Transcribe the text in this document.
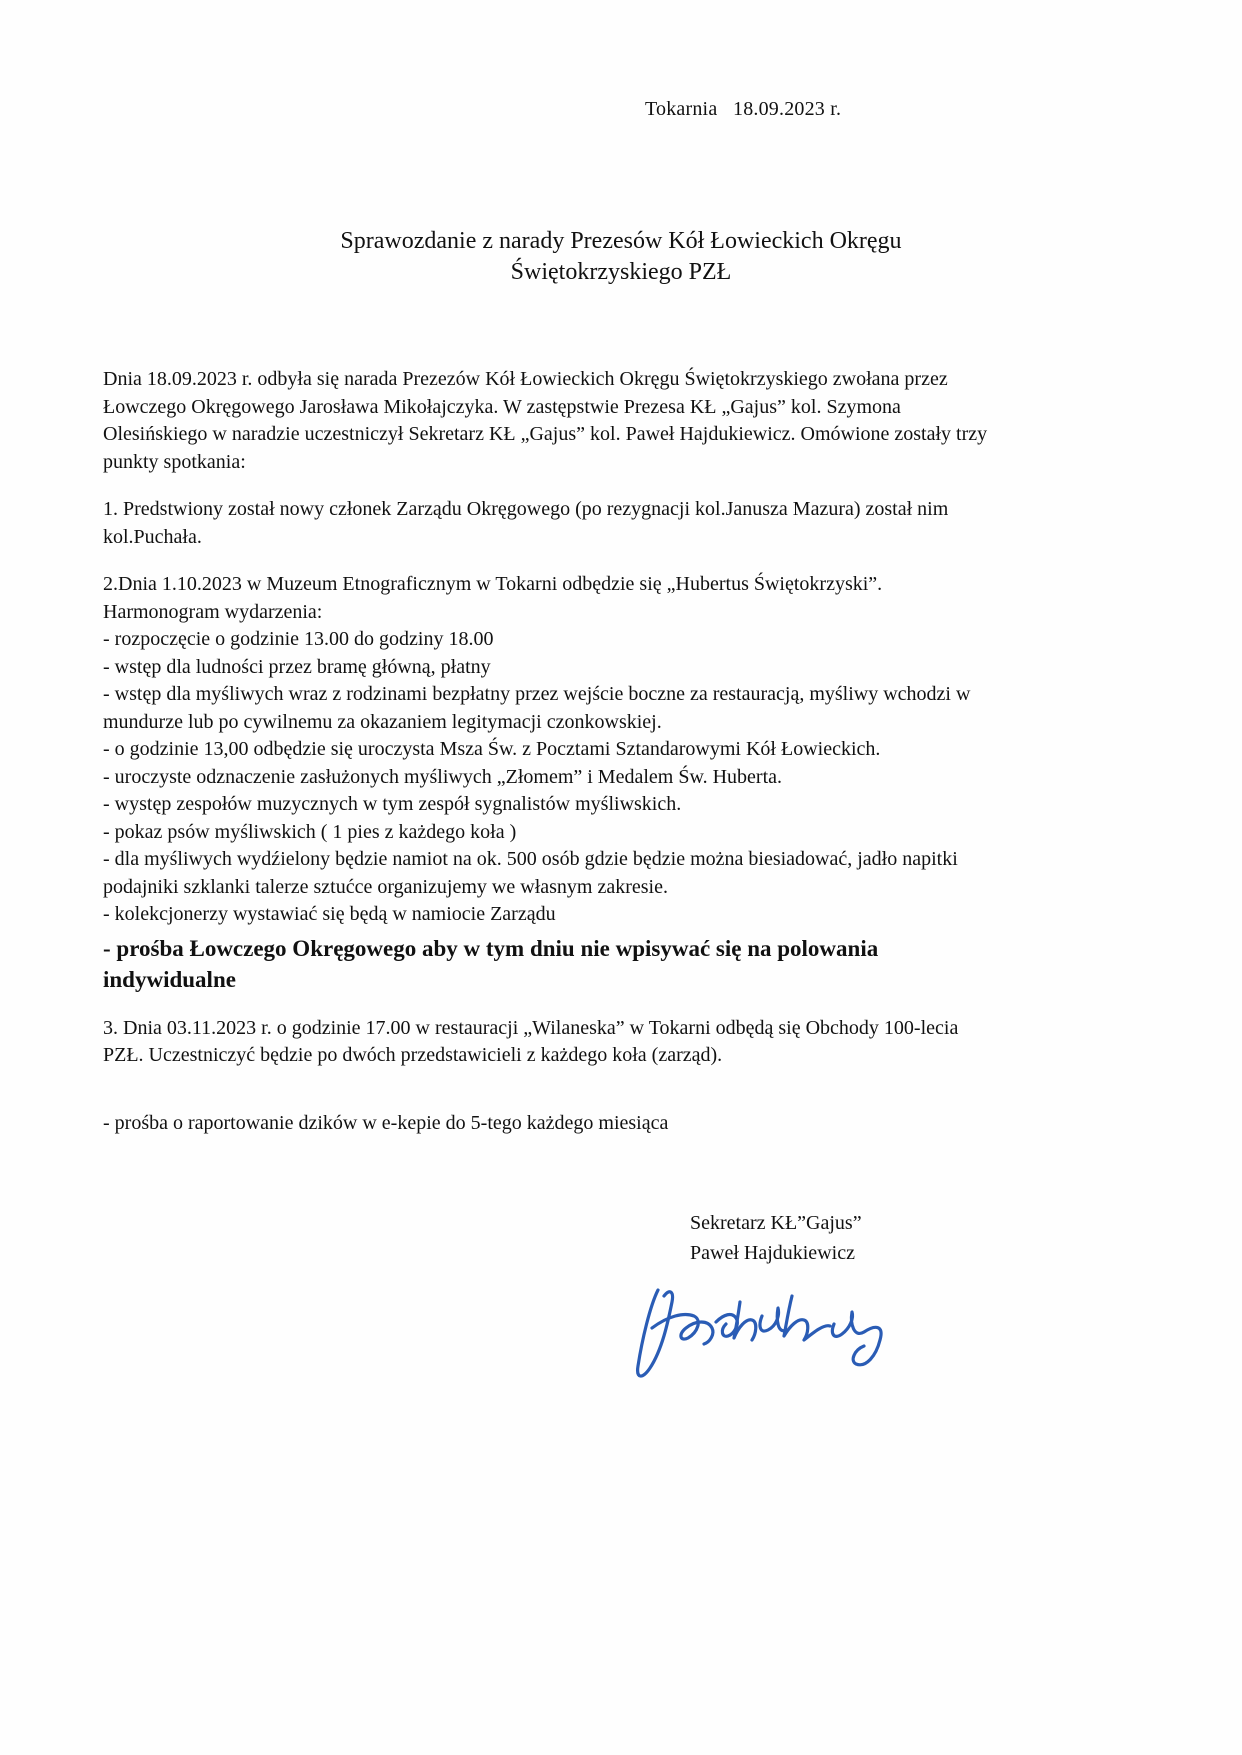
Tokarnia   18.09.2023 r.
Sprawozdanie z narady Prezesów Kół Łowieckich Okręgu
Świętokrzyskiego PZŁ

Dnia 18.09.2023 r. odbyła się narada Prezezów Kół Łowieckich Okręgu Świętokrzyskiego zwołana przez Łowczego Okręgowego Jarosława Mikołajczyka. W zastępstwie Prezesa KŁ „Gajus” kol. Szymona Olesińskiego w naradzie uczestniczył Sekretarz KŁ „Gajus” kol. Paweł Hajdukiewicz. Omówione zostały trzy punkty spotkania:

1. Predstwiony został nowy członek Zarządu Okręgowego (po rezygnacji kol.Janusza Mazura) został nim kol.Puchała.

2.Dnia 1.10.2023 w Muzeum Etnograficznym w Tokarni odbędzie się „Hubertus Świętokrzyski”.
Harmonogram wydarzenia:
- rozpoczęcie o godzinie 13.00 do godziny 18.00
- wstęp dla ludności przez bramę główną, płatny
- wstęp dla myśliwych wraz z rodzinami bezpłatny przez wejście boczne za restauracją, myśliwy wchodzi w mundurze lub po cywilnemu za okazaniem legitymacji czonkowskiej.
- o godzinie 13,00 odbędzie się uroczysta Msza Św. z Pocztami Sztandarowymi Kół Łowieckich.
- uroczyste odznaczenie zasłużonych myśliwych „Złomem” i Medalem Św. Huberta.
- występ zespołów muzycznych w tym zespół sygnalistów myśliwskich.
- pokaz psów myśliwskich ( 1 pies z każdego koła )
- dla myśliwych wydźielony będzie namiot na ok. 500 osób gdzie będzie można biesiadować, jadło napitki podajniki szklanki talerze sztućce organizujemy we własnym zakresie.
- kolekcjonerzy wystawiać się będą w namiocie Zarządu
- prośba Łowczego Okręgowego aby w tym dniu nie wpisywać się na polowania indywidualne

3. Dnia 03.11.2023 r. o godzinie 17.00 w restauracji „Wilaneska” w Tokarni odbędą się Obchody 100-lecia PZŁ. Uczestniczyć będzie po dwóch przedstawicieli z każdego koła (zarząd).

- prośba o raportowanie dzików w e-kepie do 5-tego każdego miesiąca

Sekretarz KŁ”Gajus”
Paweł Hajdukiewicz
